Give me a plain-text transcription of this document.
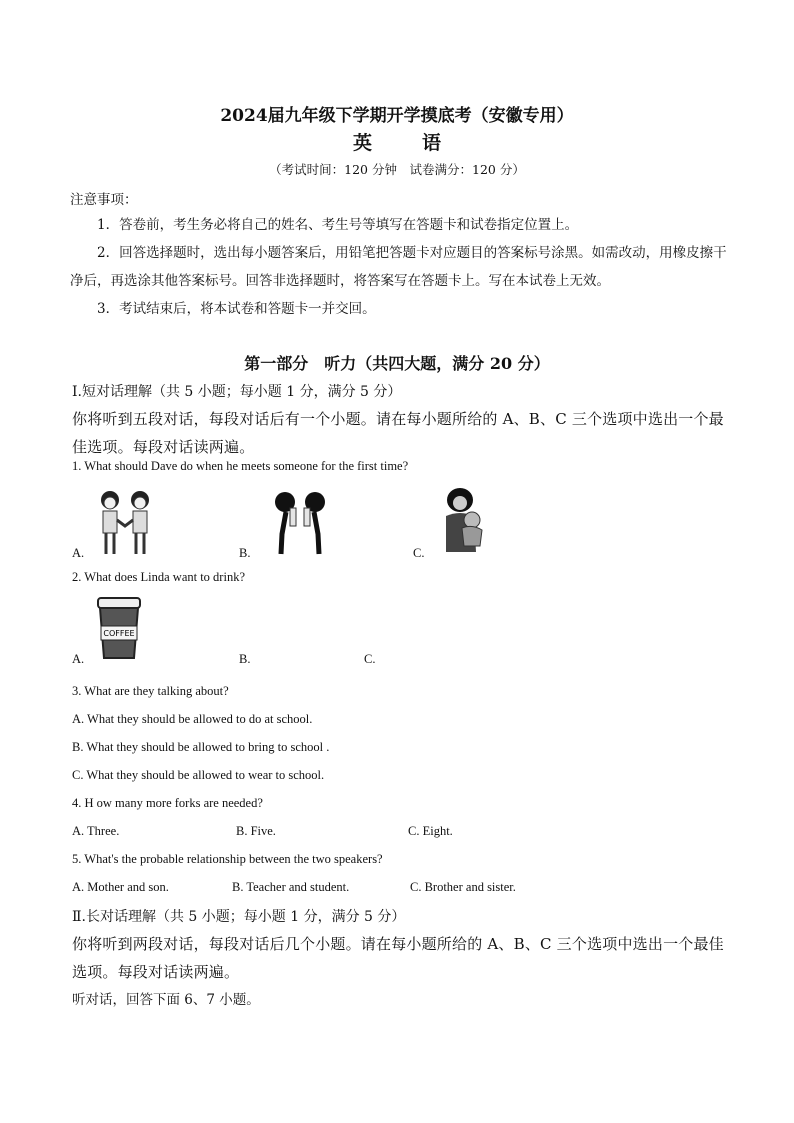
2024届九年级下学期开学摸底考（安徽专用）
英语
（考试时间：120 分钟　试卷满分：120 分）
注意事项：
1．答卷前，考生务必将自己的姓名、考生号等填写在答题卡和试卷指定位置上。
2．回答选择题时，选出每小题答案后，用铅笔把答题卡对应题目的答案标号涂黑。如需改动，用橡皮擦干净后，再选涂其他答案标号。回答非选择题时，将答案写在答题卡上。写在本试卷上无效。
3．考试结束后，将本试卷和答题卡一并交回。
第一部分　听力（共四大题，满分 20 分）
Ⅰ.短对话理解（共 5 小题；每小题 1 分，满分 5 分）
你将听到五段对话，每段对话后有一个小题。请在每小题所给的 A、B、C 三个选项中选出一个最佳选项。每段对话读两遍。
1. What should Dave do when he meets someone for the first time?
A.	B.	C.
2. What does Linda want to drink?
COFFEE
A.	B.	C.
3. What are they talking about?
A. What they should be allowed to do at school.
B. What they should be allowed to bring to school .
C. What they should be allowed to wear to school.
4. H ow many more forks are needed?
A. Three.	B. Five.	C. Eight.
5. What's the probable relationship between the two speakers?
A. Mother and son.	B. Teacher and student.	C. Brother and sister.
Ⅱ.长对话理解（共 5 小题；每小题 1 分，满分 5 分）
你将听到两段对话，每段对话后几个小题。请在每小题所给的 A、B、C 三个选项中选出一个最佳选项。每段对话读两遍。
听对话，回答下面 6、7 小题。
